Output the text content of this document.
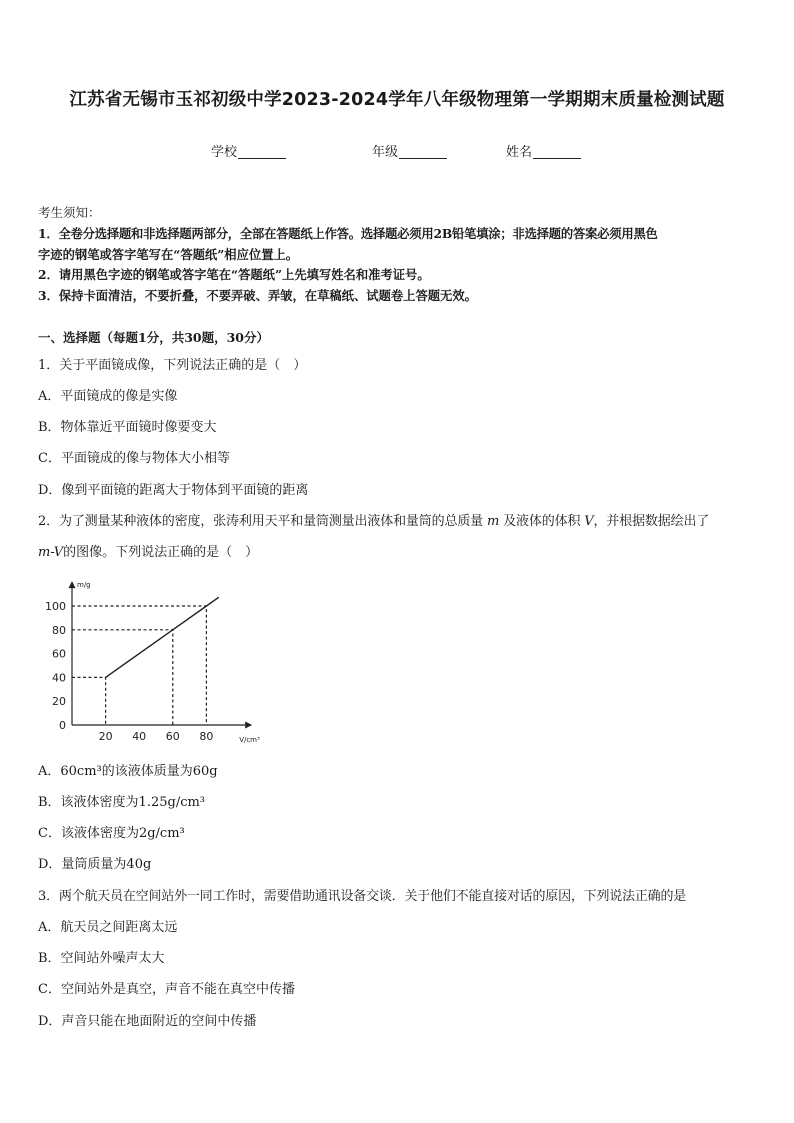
江苏省无锡市玉祁初级中学2023-2024学年八年级物理第一学期期末质量检测试题
学校	年级	姓名
考生须知：
1．全卷分选择题和非选择题两部分，全部在答题纸上作答。选择题必须用2B铅笔填涂；非选择题的答案必须用黑色
字迹的钢笔或答字笔写在“答题纸”相应位置上。
2．请用黑色字迹的钢笔或答字笔在“答题纸”上先填写姓名和准考证号。
3．保持卡面清洁，不要折叠，不要弄破、弄皱，在草稿纸、试题卷上答题无效。
一、选择题（每题1分，共30题，30分）
1．关于平面镜成像，下列说法正确的是（　）
A．平面镜成的像是实像
B．物体靠近平面镜时像要变大
C．平面镜成的像与物体大小相等
D．像到平面镜的距离大于物体到平面镜的距离
2．为了测量某种液体的密度，张涛利用天平和量筒测量出液体和量筒的总质量 m 及液体的体积 V，并根据数据绘出了
m-V的图像。下列说法正确的是（　）
0
20
40
60
80
100
20 40 60 80
m/g
V/cm³
A．60cm³的该液体质量为60g
B．该液体密度为1.25g/cm³
C．该液体密度为2g/cm³
D．量筒质量为40g
3．两个航天员在空间站外一同工作时，需要借助通讯设备交谈．关于他们不能直接对话的原因，下列说法正确的是
A．航天员之间距离太远
B．空间站外噪声太大
C．空间站外是真空，声音不能在真空中传播
D．声音只能在地面附近的空间中传播
